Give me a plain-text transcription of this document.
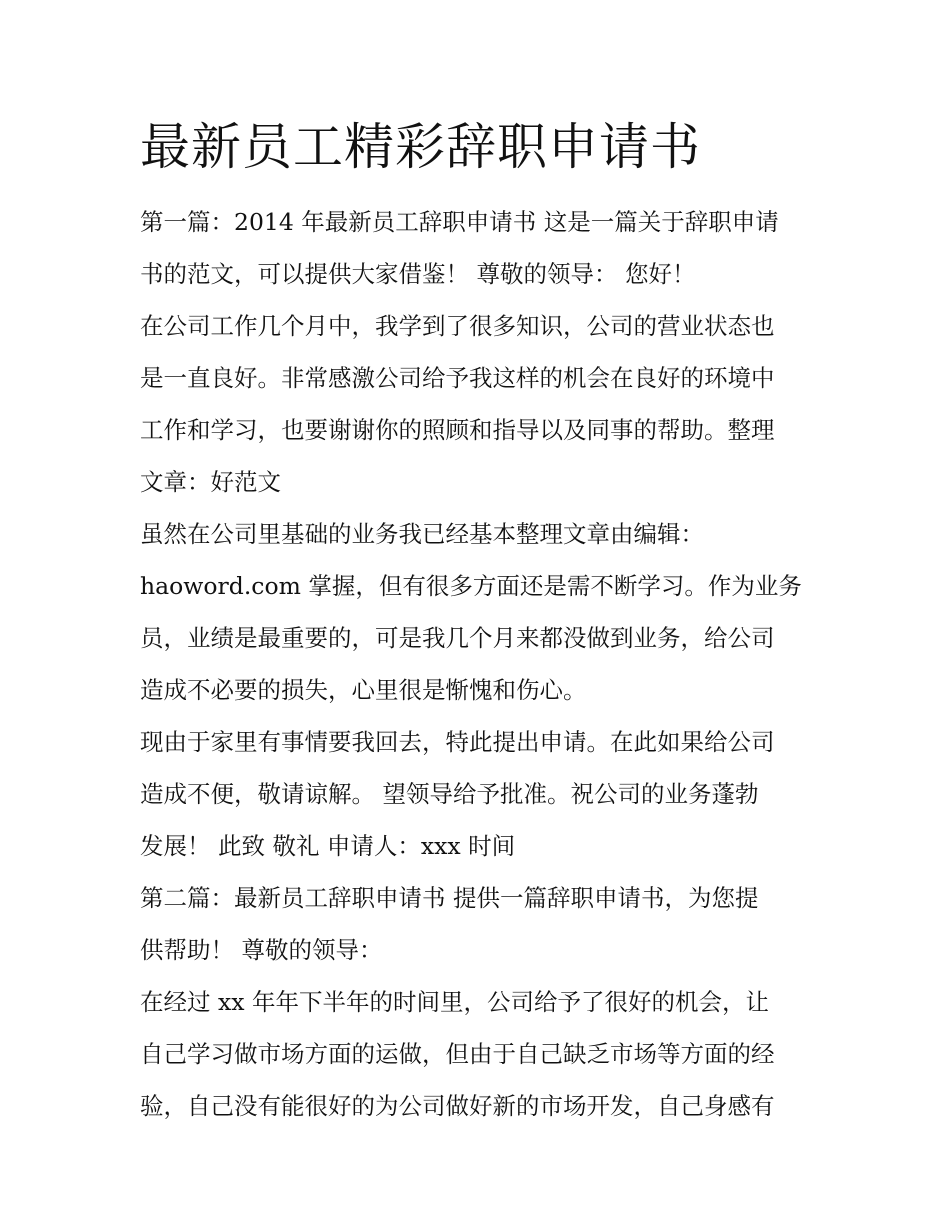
最新员工精彩辞职申请书
第一篇：2014 年最新员工辞职申请书 这是一篇关于辞职申请
书的范文，可以提供大家借鉴！ 尊敬的领导： 您好！
在公司工作几个月中，我学到了很多知识，公司的营业状态也
是一直良好。非常感激公司给予我这样的机会在良好的环境中
工作和学习，也要谢谢你的照顾和指导以及同事的帮助。整理
文章：好范文
虽然在公司里基础的业务我已经基本整理文章由编辑：
haoword.com 掌握，但有很多方面还是需不断学习。作为业务
员，业绩是最重要的，可是我几个月来都没做到业务，给公司
造成不必要的损失，心里很是惭愧和伤心。
现由于家里有事情要我回去，特此提出申请。在此如果给公司
造成不便，敬请谅解。 望领导给予批准。祝公司的业务蓬勃
发展！ 此致 敬礼 申请人：xxx 时间
第二篇：最新员工辞职申请书 提供一篇辞职申请书，为您提
供帮助！ 尊敬的领导：
在经过 xx 年年下半年的时间里，公司给予了很好的机会，让
自己学习做市场方面的运做，但由于自己缺乏市场等方面的经
验，自己没有能很好的为公司做好新的市场开发，自己身感有
